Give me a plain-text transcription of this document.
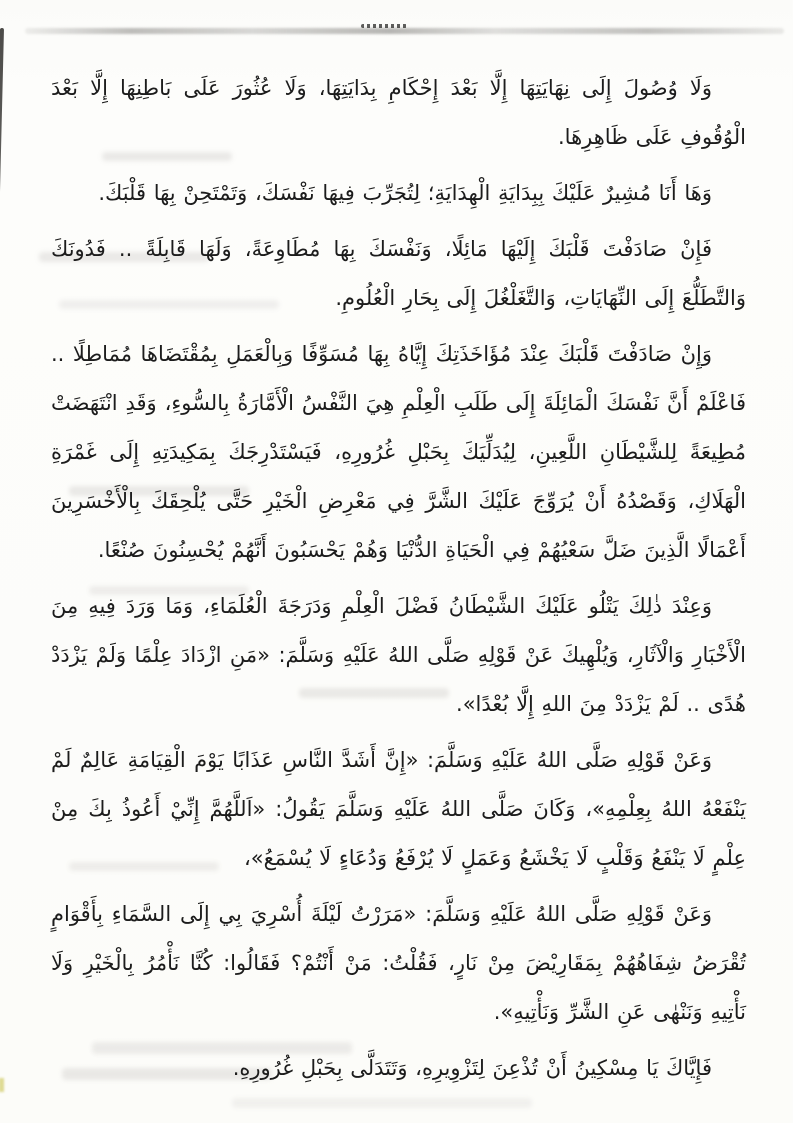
وَلَا وُصُولَ إِلَى نِهَايَتِهَا إِلَّا بَعْدَ إِحْكَامِ بِدَايَتِهَا، وَلَا عُثُورَ عَلَى بَاطِنِهَا إِلَّا بَعْدَ الْوُقُوفِ عَلَى ظَاهِرِهَا.

وَهَا أَنَا مُشِيرٌ عَلَيْكَ بِبِدَايَةِ الْهِدَايَةِ؛ لِتُجَرِّبَ فِيهَا نَفْسَكَ، وَتَمْتَحِنْ بِهَا قَلْبَكَ.

فَإِنْ صَادَفْتَ قَلْبَكَ إِلَيْهَا مَائِلًا، وَنَفْسَكَ بِهَا مُطَاوِعَةً، وَلَهَا قَابِلَةً .. فَدُونَكَ وَالتَّطَلُّعَ إِلَى النِّهَايَاتِ، وَالتَّغَلْغُلَ إِلَى بِحَارِ الْعُلُومِ.

وَإِنْ صَادَفْتَ قَلْبَكَ عِنْدَ مُؤَاخَذَتِكَ إِيَّاهُ بِهَا مُسَوِّفًا وَبِالْعَمَلِ بِمُقْتَضَاهَا مُمَاطِلًا .. فَاعْلَمْ أَنَّ نَفْسَكَ الْمَائِلَةَ إِلَى طَلَبِ الْعِلْمِ هِيَ النَّفْسُ الْأَمَّارَةُ بِالسُّوءِ، وَقَدِ انْتَهَضَتْ مُطِيعَةً لِلشَّيْطَانِ اللَّعِينِ، لِيُدَلِّيَكَ بِحَبْلِ غُرُورِهِ، فَيَسْتَدْرِجَكَ بِمَكِيدَتِهِ إِلَى غَمْرَةِ الْهَلَاكِ، وَقَصْدُهُ أَنْ يُرَوِّجَ عَلَيْكَ الشَّرَّ فِي مَعْرِضِ الْخَيْرِ حَتَّى يُلْحِقَكَ بِالْأَخْسَرِينَ أَعْمَالًا الَّذِينَ ضَلَّ سَعْيُهُمْ فِي الْحَيَاةِ الدُّنْيَا وَهُمْ يَحْسَبُونَ أَنَّهُمْ يُحْسِنُونَ صُنْعًا.

وَعِنْدَ ذٰلِكَ يَتْلُو عَلَيْكَ الشَّيْطَانُ فَضْلَ الْعِلْمِ وَدَرَجَةَ الْعُلَمَاءِ، وَمَا وَرَدَ فِيهِ مِنَ الْأَخْبَارِ وَالْآثَارِ، وَيُلْهِيكَ عَنْ قَوْلِهِ صَلَّى اللهُ عَلَيْهِ وَسَلَّمَ: «مَنِ ازْدَادَ عِلْمًا وَلَمْ يَزْدَدْ هُدًى .. لَمْ يَزْدَدْ مِنَ اللهِ إِلَّا بُعْدًا».

وَعَنْ قَوْلِهِ صَلَّى اللهُ عَلَيْهِ وَسَلَّمَ: «إِنَّ أَشَدَّ النَّاسِ عَذَابًا يَوْمَ الْقِيَامَةِ عَالِمٌ لَمْ يَنْفَعْهُ اللهُ بِعِلْمِهِ»، وَكَانَ صَلَّى اللهُ عَلَيْهِ وَسَلَّمَ يَقُولُ: «اَللَّهُمَّ إِنِّيْ أَعُوذُ بِكَ مِنْ عِلْمٍ لَا يَنْفَعُ وَقَلْبٍ لَا يَخْشَعُ وَعَمَلٍ لَا يُرْفَعُ وَدُعَاءٍ لَا يُسْمَعُ»،

وَعَنْ قَوْلِهِ صَلَّى اللهُ عَلَيْهِ وَسَلَّمَ: «مَرَرْتُ لَيْلَةَ أُسْرِيَ بِي إِلَى السَّمَاءِ بِأَقْوَامٍ تُقْرَضُ شِفَاهُهُمْ بِمَقَارِيْضَ مِنْ نَارٍ، فَقُلْتُ: مَنْ أَنْتُمْ؟ فَقَالُوا: كُنَّا نَأْمُرُ بِالْخَيْرِ وَلَا نَأْتِيهِ وَنَنْهٰى عَنِ الشَّرِّ وَنَأْتِيهِ».

فَإِيَّاكَ يَا مِسْكِينُ أَنْ تُذْعِنَ لِتَزْوِيرِهِ، وَتَتَدَلَّى بِحَبْلِ غُرُورِهِ.
